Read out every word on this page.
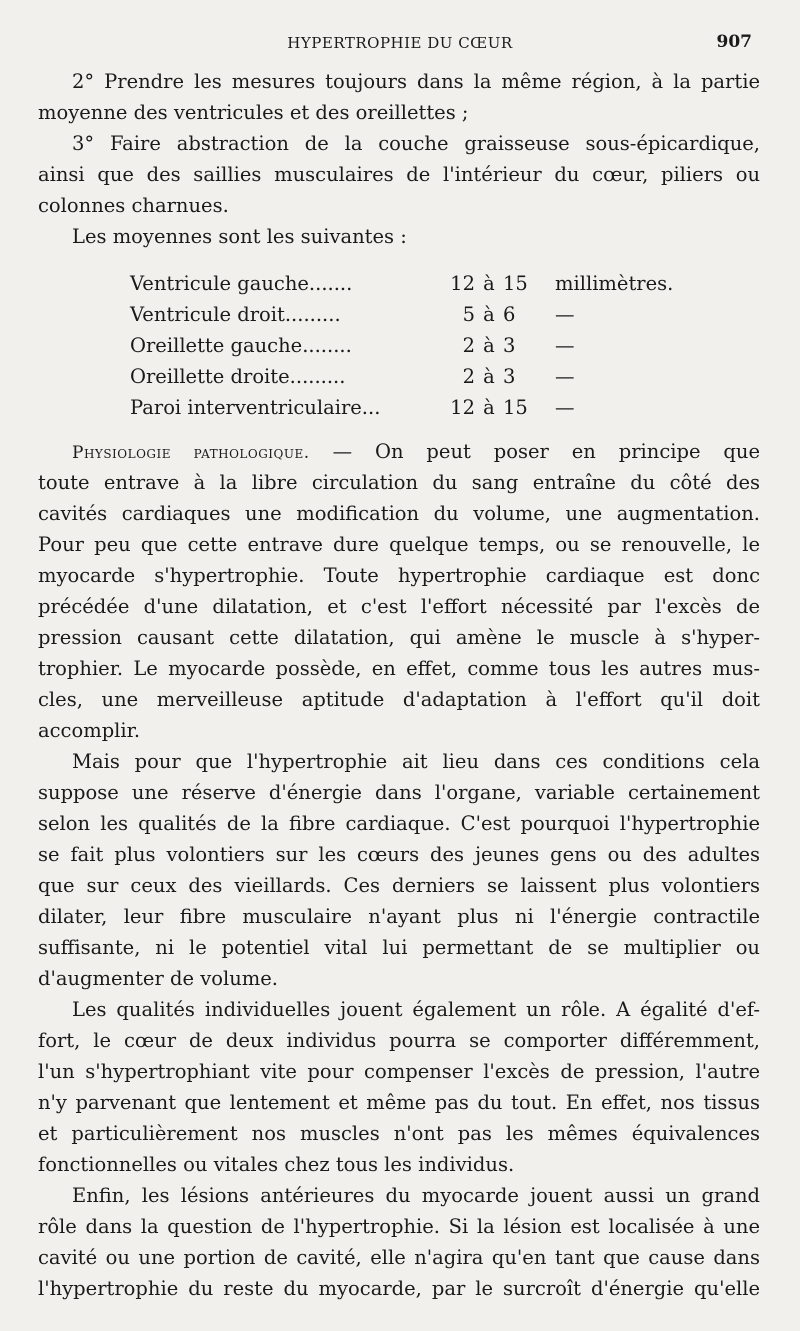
HYPERTROPHIE DU CŒUR	907
2° Prendre les mesures toujours dans la même région, à la partie
moyenne des ventricules et des oreillettes ;
3° Faire abstraction de la couche graisseuse sous-épicardique,
ainsi que des saillies musculaires de l'intérieur du cœur, piliers ou
colonnes charnues.
Les moyennes sont les suivantes :
Ventricule gauche.......	12	à	15	millimètres.
Ventricule droit.........	5	à	6	—
Oreillette gauche........	2	à	3	—
Oreillette droite.........	2	à	3	—
Paroi interventriculaire...	12	à	15	—
Physiologie pathologique. — On peut poser en principe que
toute entrave à la libre circulation du sang entraîne du côté des
cavités cardiaques une modification du volume, une augmentation.
Pour peu que cette entrave dure quelque temps, ou se renouvelle, le
myocarde s'hypertrophie. Toute hypertrophie cardiaque est donc
précédée d'une dilatation, et c'est l'effort nécessité par l'excès de
pression causant cette dilatation, qui amène le muscle à s'hyper-
trophier. Le myocarde possède, en effet, comme tous les autres mus-
cles, une merveilleuse aptitude d'adaptation à l'effort qu'il doit
accomplir.
Mais pour que l'hypertrophie ait lieu dans ces conditions cela
suppose une réserve d'énergie dans l'organe, variable certainement
selon les qualités de la fibre cardiaque. C'est pourquoi l'hypertrophie
se fait plus volontiers sur les cœurs des jeunes gens ou des adultes
que sur ceux des vieillards. Ces derniers se laissent plus volontiers
dilater, leur fibre musculaire n'ayant plus ni l'énergie contractile
suffisante, ni le potentiel vital lui permettant de se multiplier ou
d'augmenter de volume.
Les qualités individuelles jouent également un rôle. A égalité d'ef-
fort, le cœur de deux individus pourra se comporter différemment,
l'un s'hypertrophiant vite pour compenser l'excès de pression, l'autre
n'y parvenant que lentement et même pas du tout. En effet, nos tissus
et particulièrement nos muscles n'ont pas les mêmes équivalences
fonctionnelles ou vitales chez tous les individus.
Enfin, les lésions antérieures du myocarde jouent aussi un grand
rôle dans la question de l'hypertrophie. Si la lésion est localisée à une
cavité ou une portion de cavité, elle n'agira qu'en tant que cause dans
l'hypertrophie du reste du myocarde, par le surcroît d'énergie qu'elle
